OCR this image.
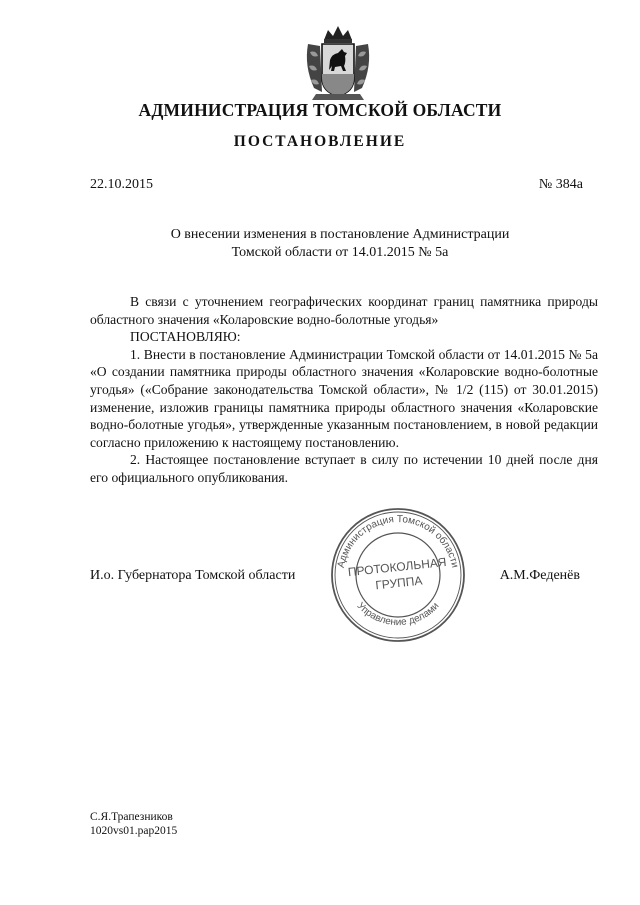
АДМИНИСТРАЦИЯ ТОМСКОЙ ОБЛАСТИ
ПОСТАНОВЛЕНИЕ
22.10.2015	№ 384а
О внесении изменения в постановление Администрации
Томской области от 14.01.2015 № 5а

В связи с уточнением географических координат границ памятника природы областного значения «Коларовские водно-болотные угодья»

ПОСТАНОВЛЯЮ:

1. Внести в постановление Администрации Томской области от 14.01.2015 № 5а «О создании памятника природы областного значения «Коларовские водно-болотные угодья» («Собрание законодательства Томской области», № 1/2 (115) от 30.01.2015) изменение, изложив границы памятника природы областного значения «Коларовские водно-болотные угодья», утвержденные указанным постановлением, в новой редакции согласно приложению к настоящему постановлению.

2. Настоящее постановление вступает в силу по истечении 10 дней после дня его официального опубликования.

И.о. Губернатора Томской области	А.М.Феденёв
Администрация Томской области
Управление делами
ПРОТОКОЛЬНАЯ
ГРУППА
С.Я.Трапезников
1020vs01.pap2015
